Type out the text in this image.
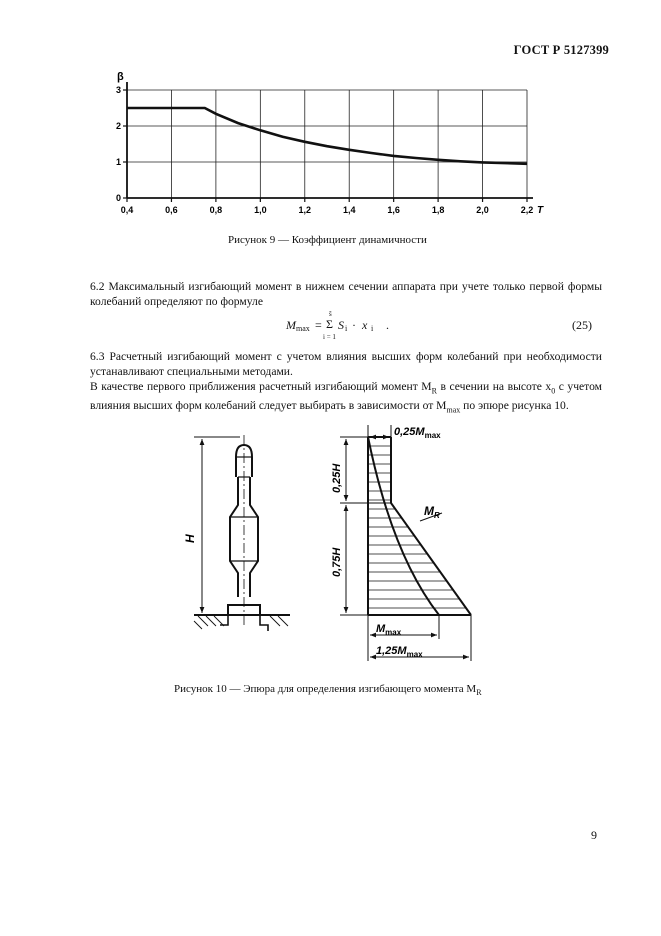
ГОСТ Р 5127399
0,4	0,6	0,8	1,0	1,2	1,4	1,6	1,8	2,0	2,2
0
1
2
3
β
T
Рисунок 9 — Коэффициент динамичности
6.2 Максимальный изгибающий момент в нижнем сечении аппарата при учете только первой формы колебаний определяют по формуле
M max =
ŝ
Σ
i = 1
S i · x i .	(25)
6.3 Расчетный изгибающий момент с учетом влияния высших форм колебаний при необходимости устанавливают специальными методами.
В качестве первого приближения расчетный изгибающий момент $M_R$ в сечении на высоте $x_0$ с учетом влияния высших форм колебаний следует выбирать в зависимости от $M_{max}$ по эпюре рисунка 10.
H
0,25H
0,75H
$0,25M_{max}$
$M_R$
$M_{max}$
$1,25M_{max}$
Рисунок 10 — Эпюра для определения изгибающего момента $M_R$
9
